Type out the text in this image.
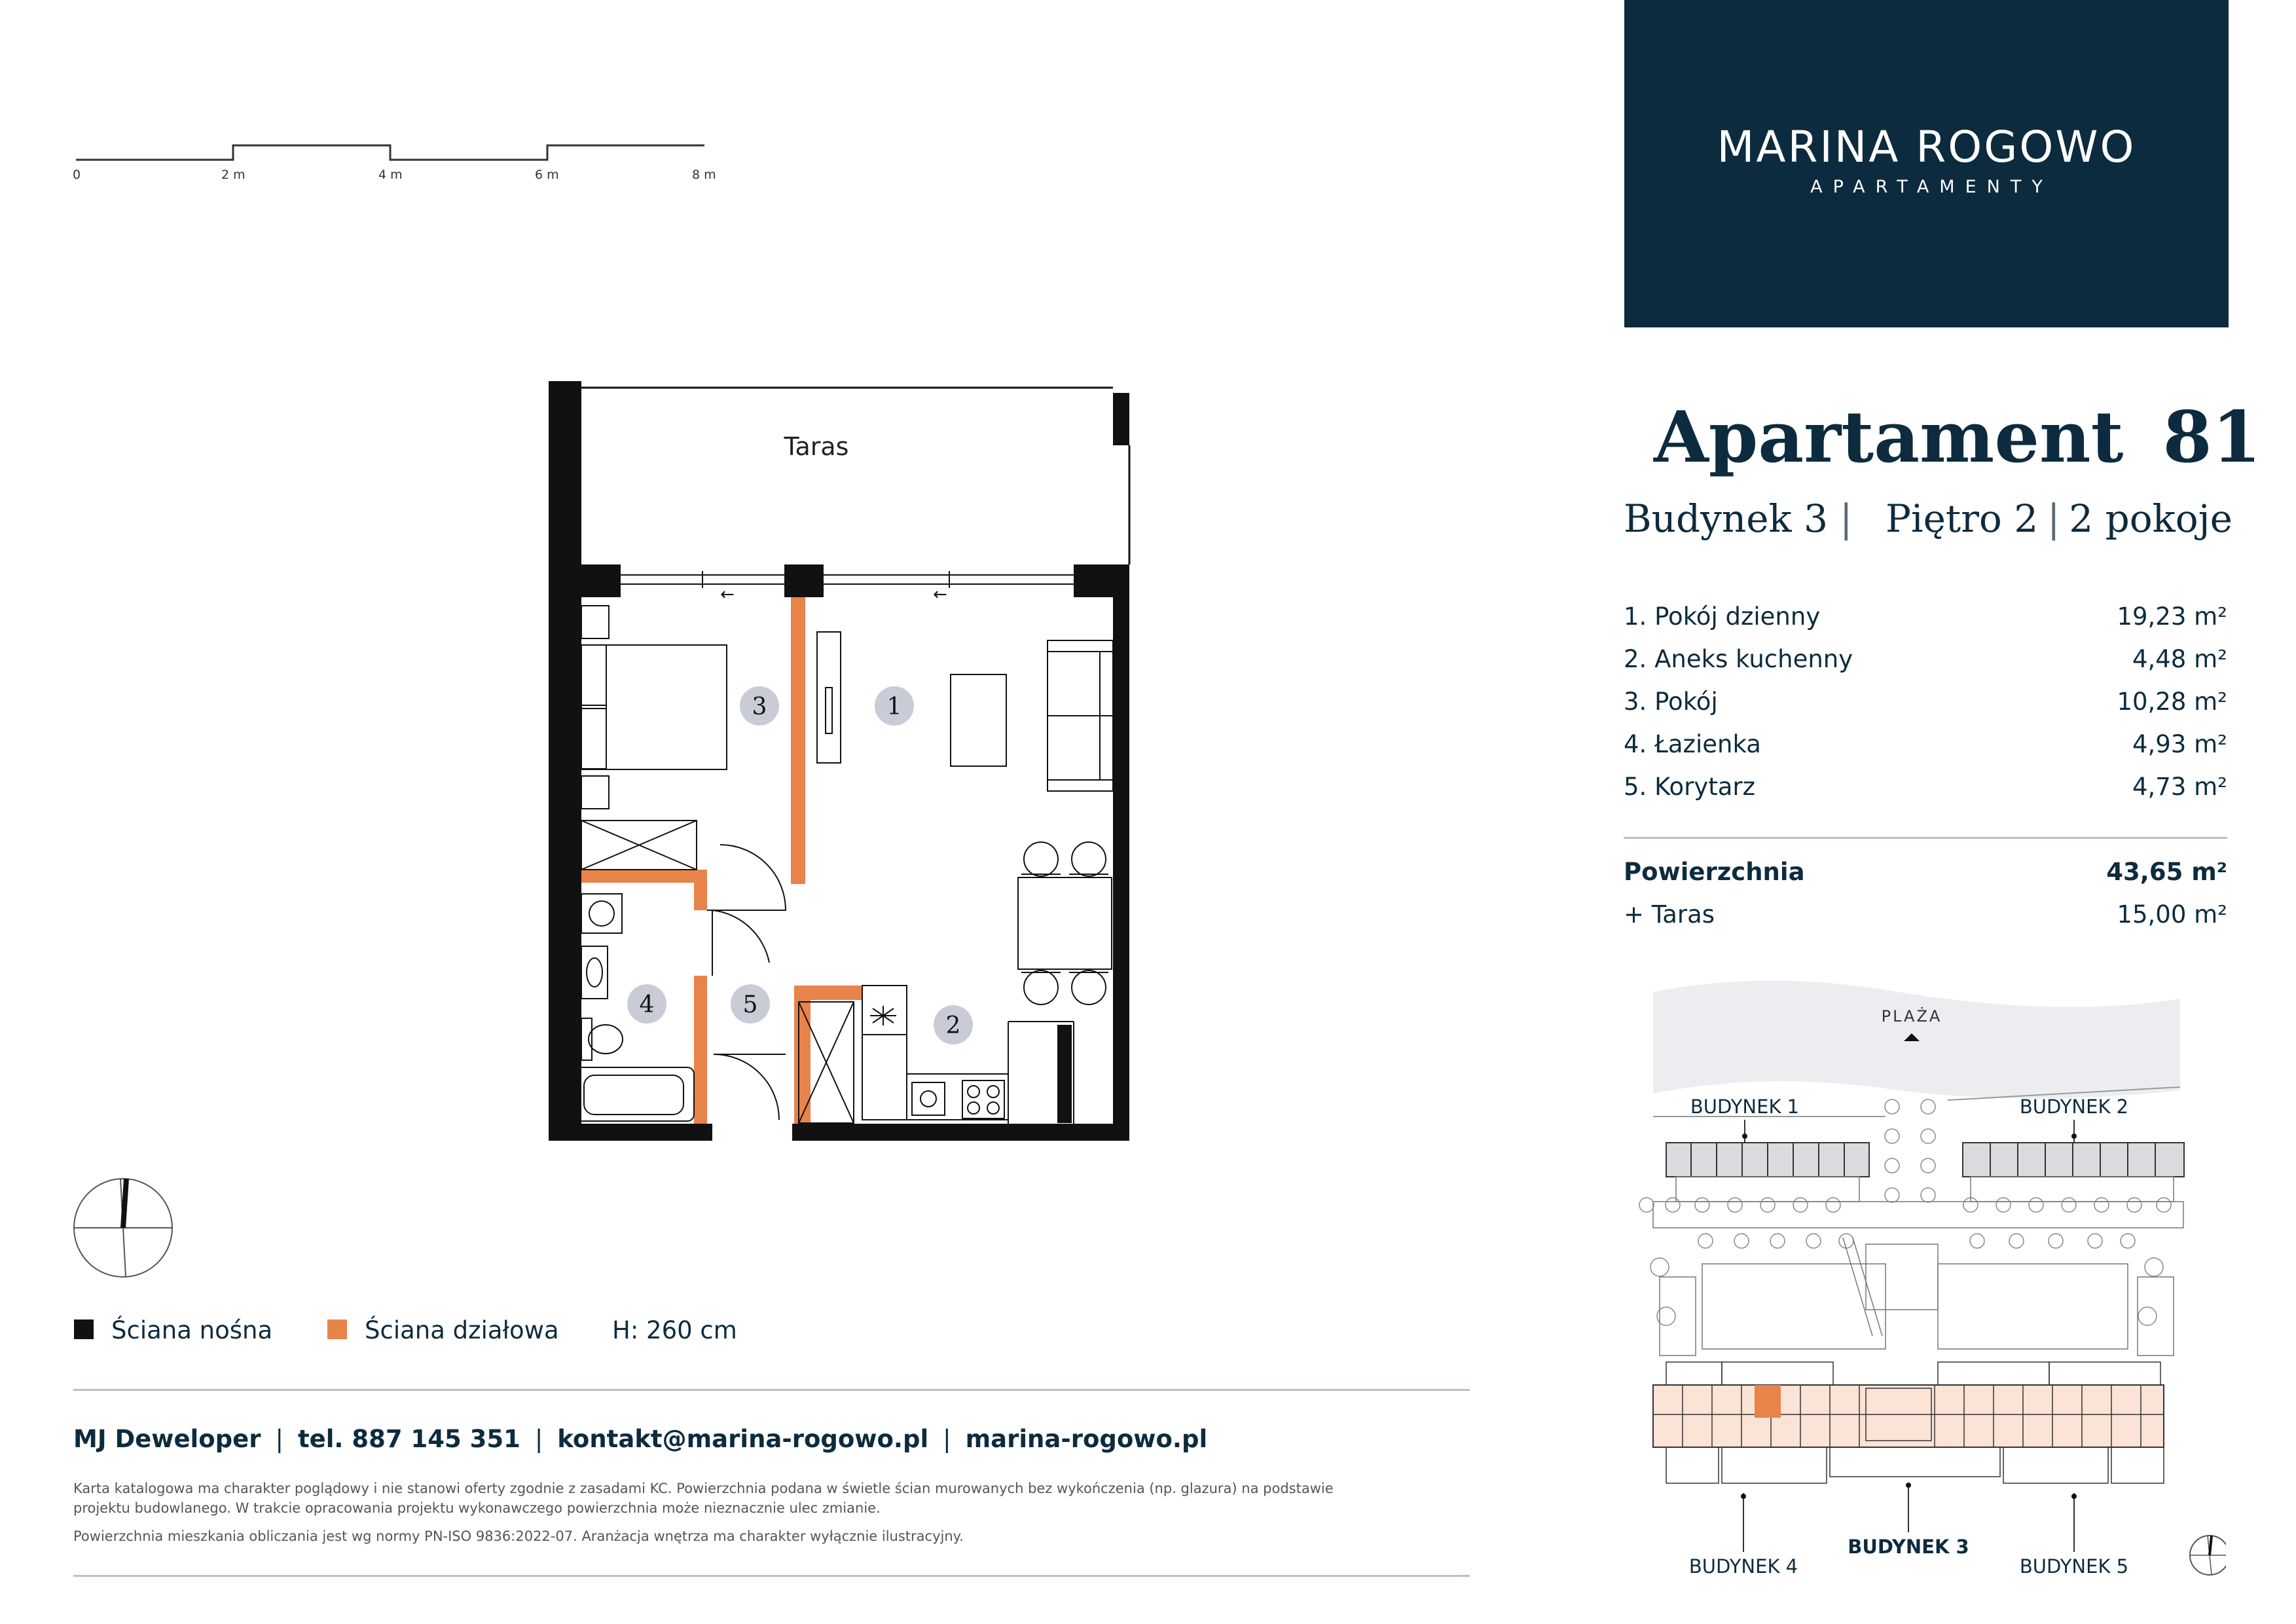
0	2 m	4 m	6 m	8 m
←	←
3	1
4	5
2
Taras
Ściana nośna	Ściana działowa H: 260 cm
MJ Deweloper | tel. 887 145 351 | kontakt@marina-rogowo.pl | marina-rogowo.pl
Karta katalogowa ma charakter poglądowy i nie stanowi oferty zgodnie z zasadami KC. Powierzchnia podana w świetle ścian murowanych bez wykończenia (np. glazura) na podstawie
projektu budowlanego. W trakcie opracowania projektu wykonawczego powierzchnia może nieznacznie ulec zmianie.
Powierzchnia mieszkania obliczania jest wg normy PN-ISO 9836:2022-07. Aranżacja wnętrza ma charakter wyłącznie ilustracyjny.
MARINA ROGOWO
APARTAMENTY
Apartament 81
Budynek 3 | Piętro 2 | 2 pokoje
1. Pokój dzienny	19,23 m²
2. Aneks kuchenny	4,48 m²
3. Pokój	10,28 m²
4. Łazienka	4,93 m²
5. Korytarz	4,73 m²
Powierzchnia	43,65 m²
+ Taras	15,00 m²
PLAŻA
BUDYNEK 1	BUDYNEK 2
BUDYNEK 3
BUDYNEK 4	BUDYNEK 5
